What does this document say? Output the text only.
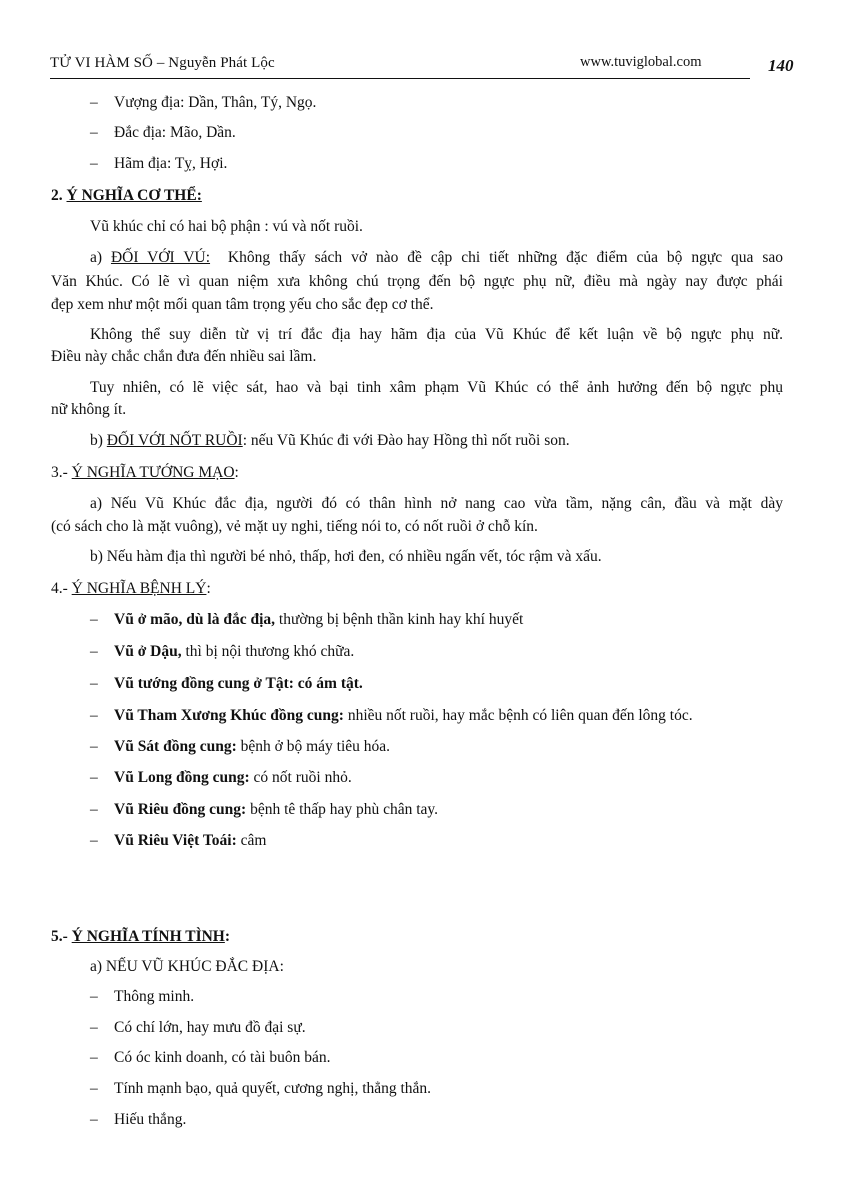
TỬ VI HÀM SỐ – Nguyễn Phát Lộc	www.tuviglobal.com	140
– Vượng địa: Dần, Thân, Tý, Ngọ.
– Đắc địa: Mão, Dần.
– Hãm địa: Tỵ, Hợi.
2. Ý NGHĨA CƠ THỂ:
Vũ khúc chỉ có hai bộ phận : vú và nốt ruồi.
a) ĐỐI VỚI VÚ: Không thấy sách vở nào đề cập chi tiết những đặc điểm của bộ ngực qua sao
Văn Khúc. Có lẽ vì quan niệm xưa không chú trọng đến bộ ngực phụ nữ, điều mà ngày nay được phái
đẹp xem như một mối quan tâm trọng yếu cho sắc đẹp cơ thể.
Không thể suy diễn từ vị trí đắc địa hay hãm địa của Vũ Khúc để kết luận về bộ ngực phụ nữ.
Điều này chắc chắn đưa đến nhiều sai lầm.
Tuy nhiên, có lẽ việc sát, hao và bại tinh xâm phạm Vũ Khúc có thể ảnh hưởng đến bộ ngực phụ
nữ không ít.
b) ĐỐI VỚI NỐT RUỒI: nếu Vũ Khúc đi với Đào hay Hồng thì nốt ruồi son.
3.- Ý NGHĨA TƯỚNG MẠO:
a) Nếu Vũ Khúc đắc địa, người đó có thân hình nở nang cao vừa tầm, nặng cân, đầu và mặt dày
(có sách cho là mặt vuông), vẻ mặt uy nghi, tiếng nói to, có nốt ruồi ở chỗ kín.
b) Nếu hàm địa thì người bé nhỏ, thấp, hơi đen, có nhiều ngấn vết, tóc rậm và xấu.
4.- Ý NGHĨA BỆNH LÝ:
– Vũ ở mão, dù là đắc địa, thường bị bệnh thần kinh hay khí huyết
– Vũ ở Dậu, thì bị nội thương khó chữa.
– Vũ tướng đồng cung ở Tật: có ám tật.
– Vũ Tham Xương Khúc đồng cung: nhiều nốt ruồi, hay mắc bệnh có liên quan đến lông tóc.
– Vũ Sát đồng cung: bệnh ở bộ máy tiêu hóa.
– Vũ Long đồng cung: có nốt ruồi nhỏ.
– Vũ Riêu đồng cung: bệnh tê thấp hay phù chân tay.
– Vũ Riêu Việt Toái: câm
5.- Ý NGHĨA TÍNH TÌNH:
a) NẾU VŨ KHÚC ĐẮC ĐỊA:
– Thông minh.
– Có chí lớn, hay mưu đồ đại sự.
– Có óc kinh doanh, có tài buôn bán.
– Tính mạnh bạo, quả quyết, cương nghị, thẳng thắn.
– Hiếu thắng.
